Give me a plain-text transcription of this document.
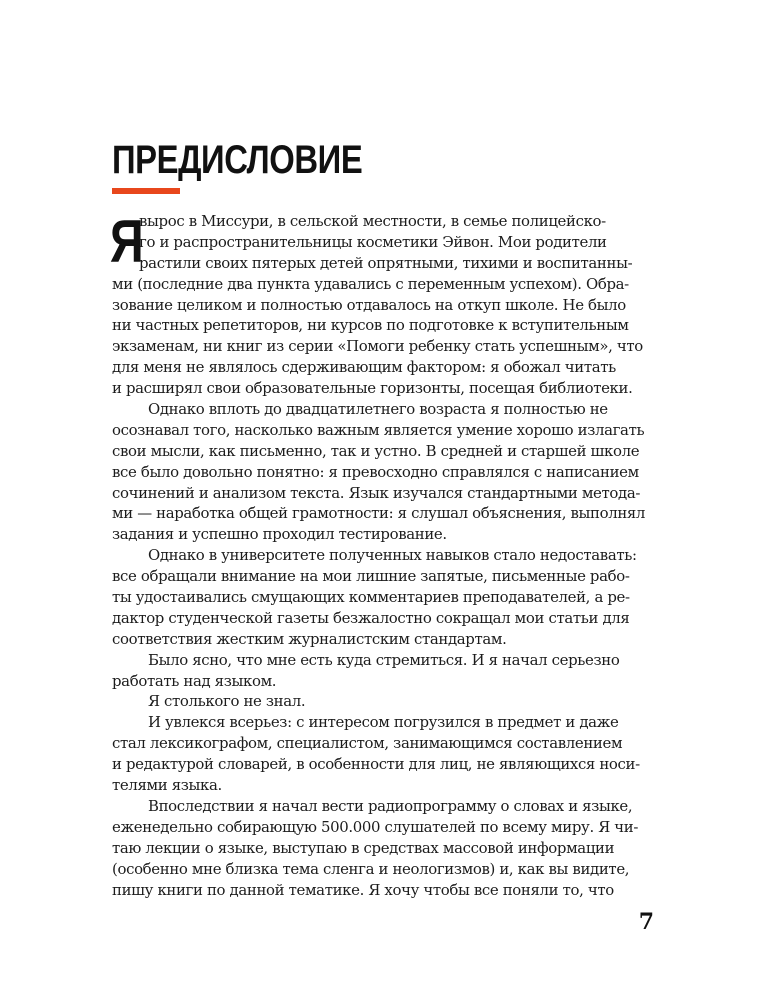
ПРЕДИСЛОВИЕ
Я
вырос в Миссури, в сельской местности, в семье полицейско-
го и распространительницы косметики Эйвон. Мои родители
растили своих пятерых детей опрятными, тихими и воспитанны-
ми (последние два пункта удавались с переменным успехом). Обра-
зование целиком и полностью отдавалось на откуп школе. Не было
ни частных репетиторов, ни курсов по подготовке к вступительным
экзаменам, ни книг из серии «Помоги ребенку стать успешным», что
для меня не являлось сдерживающим фактором: я обожал читать
и расширял свои образовательные горизонты, посещая библиотеки.
Однако вплоть до двадцатилетнего возраста я полностью не
осознавал того, насколько важным является умение хорошо излагать
свои мысли, как письменно, так и устно. В средней и старшей школе
все было довольно понятно: я превосходно справлялся с написанием
сочинений и анализом текста. Язык изучался стандартными метода-
ми — наработка общей грамотности: я слушал объяснения, выполнял
задания и успешно проходил тестирование.
Однако в университете полученных навыков стало недоставать:
все обращали внимание на мои лишние запятые, письменные рабо-
ты удостаивались смущающих комментариев преподавателей, а ре-
дактор студенческой газеты безжалостно сокращал мои статьи для
соответствия жестким журналистским стандартам.
Было ясно, что мне есть куда стремиться. И я начал серьезно
работать над языком.
Я столького не знал.
И увлекся всерьез: с интересом погрузился в предмет и даже
стал лексикографом, специалистом, занимающимся составлением
и редактурой словарей, в особенности для лиц, не являющихся носи-
телями языка.
Впоследствии я начал вести радиопрограмму о словах и языке,
еженедельно собирающую 500.000 слушателей по всему миру. Я чи-
таю лекции о языке, выступаю в средствах массовой информации
(особенно мне близка тема сленга и неологизмов) и, как вы видите,
пишу книги по данной тематике. Я хочу чтобы все поняли то, что
7
